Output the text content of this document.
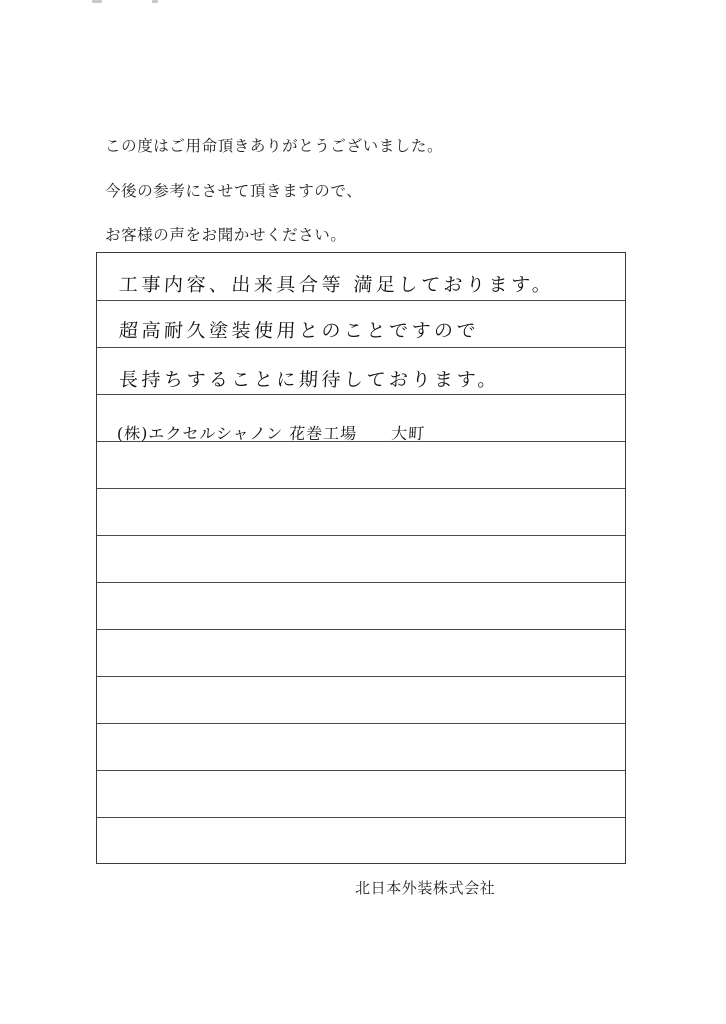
この度はご用命頂きありがとうございました。
今後の参考にさせて頂きますので、
お客様の声をお聞かせください。
工事内容、出来具合等 満足しております。
超高耐久塗装使用とのことですので
長持ちすることに期待しております。
(株)エクセルシャノン 花巻工場　　大町
北日本外装株式会社
